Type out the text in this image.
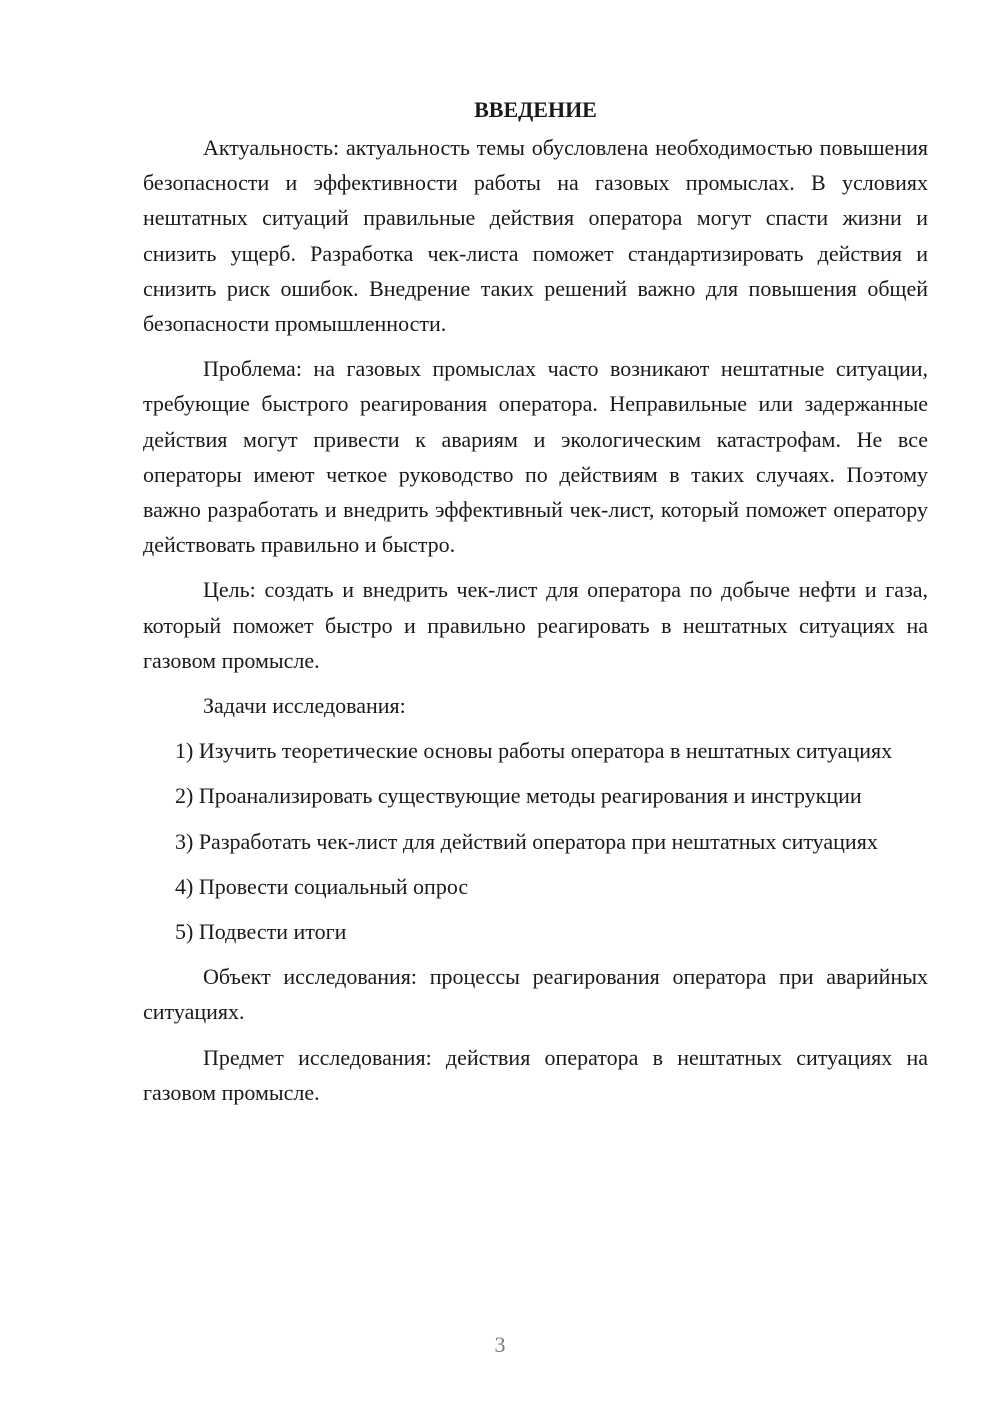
ВВЕДЕНИЕ

Актуальность: актуальность темы обусловлена необходимостью повышения безопасности и эффективности работы на газовых промыслах. В условиях нештатных ситуаций правильные действия оператора могут спасти жизни и снизить ущерб. Разработка чек-листа поможет стандартизировать действия и снизить риск ошибок. Внедрение таких решений важно для повышения общей безопасности промышленности.

Проблема: на газовых промыслах часто возникают нештатные ситуации, требующие быстрого реагирования оператора. Неправильные или задержанные действия могут привести к авариям и экологическим катастрофам. Не все операторы имеют четкое руководство по действиям в таких случаях. Поэтому важно разработать и внедрить эффективный чек-лист, который поможет оператору действовать правильно и быстро.

Цель: создать и внедрить чек-лист для оператора по добыче нефти и газа, который поможет быстро и правильно реагировать в нештатных ситуациях на газовом промысле.

Задачи исследования:

1) Изучить теоретические основы работы оператора в нештатных ситуациях

2) Проанализировать существующие методы реагирования и инструкции

3) Разработать чек-лист для действий оператора при нештатных ситуациях

4) Провести социальный опрос

5) Подвести итоги

Объект исследования: процессы реагирования оператора при аварийных ситуациях.

Предмет исследования: действия оператора в нештатных ситуациях на газовом промысле.

3
